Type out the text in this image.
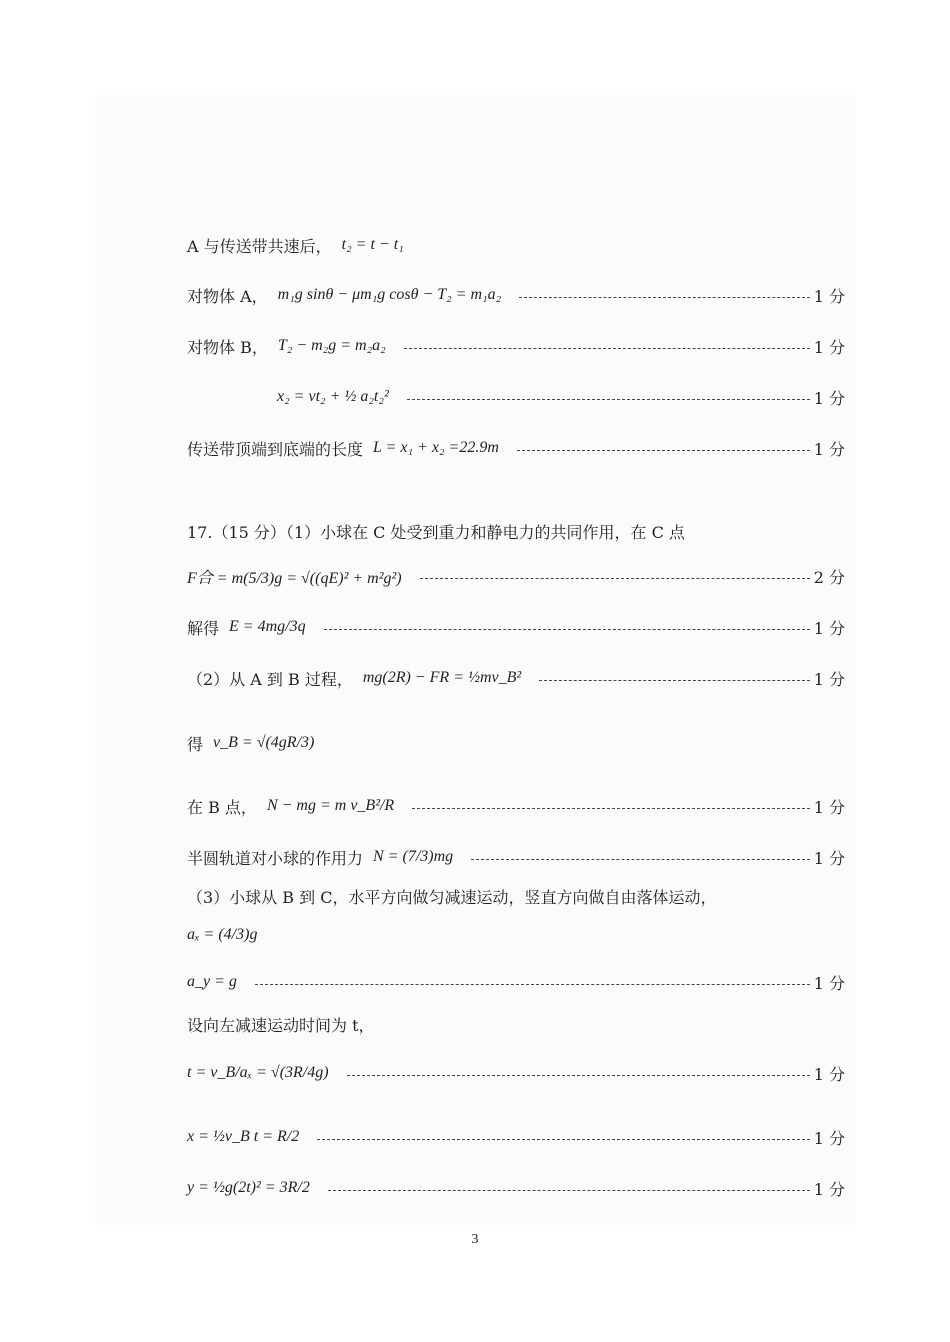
A 与传送带共速后， t₂ = t − t₁
对物体 A， m₁g sinθ − μm₁g cosθ − T₂ = m₁a₂	1 分
对物体 B， T₂ − m₂g = m₂a₂	1 分
x₂ = vt₂ + ½ a₂t₂²	1 分
传送带顶端到底端的长度 L = x₁ + x₂ =22.9m	1 分
17.（15 分）（1）小球在 C 处受到重力和静电力的共同作用，在 C 点
F合 = m(5/3)g = √((qE)² + m²g²)	2 分
解得 E = 4mg/3q	1 分
（2）从 A 到 B 过程， mg(2R) − FR = ½mv_B²	1 分
得 v_B = √(4gR/3)
在 B 点， N − mg = m v_B²/R	1 分
半圆轨道对小球的作用力 N = (7/3)mg	1 分
（3）小球从 B 到 C，水平方向做匀减速运动，竖直方向做自由落体运动，
aₓ = (4/3)g
a_y = g	1 分
设向左减速运动时间为 t，
t = v_B/aₓ = √(3R/4g)	1 分
x = ½v_B t = R/2	1 分
y = ½g(2t)² = 3R/2	1 分
3
